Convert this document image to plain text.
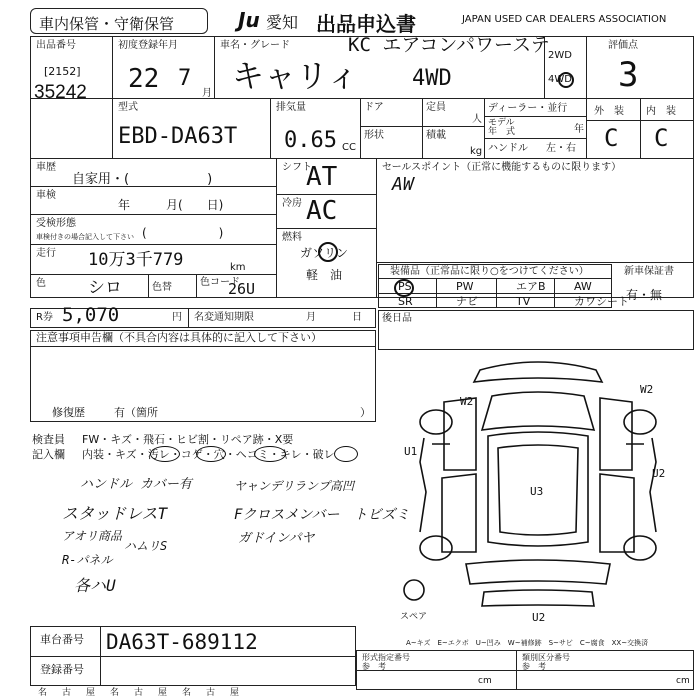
車内保管・守衛保管	Ju 愛知 出品申込書	JAPAN USED CAR DEALERS ASSOCIATION
出品番号
[2152]
35242
初度登録年月
22 7
月
車名・グレード	KC エアコンパワーステ
キャリィ 4WD
2WD
4WD
評価点
3
型式
EBD-DA63T
排気量
0.65 CC
ドア	定員
人
形状	積載
kg
ディーラー・並行
モデル
年　式	年
ハンドル 左・右
外　装 内　装
C C
車歴
自家用・(　　　　　　)
車検
年　　　月(　　日)
受検形態
車検付きの場合記入して下さい (　　　　　　)
走行 10万3千779	km
色 シロ	色替	色コード
26U
シフト
AT
冷房 AC
燃料
ガソリン
軽　油
セールスポイント（正常に機能するものに限ります）
AW
装備品（正常品に限り○をつけてください）
PS	PW	エアB	AW
SR	ナビ	TV	カワシート
新車保証書
有・無
R券 5,070	円 名変通知期限	月	日
注意事項申告欄（不具合内容は具体的に記入して下さい）
修復歴	有（箇所	）
後日品
検査員
記入欄
FW・キズ・飛石・ヒビ割・リペア跡・X要
内装・キズ・汚レ・コゲ・穴・ヘコミ・キレ・破レ
ハンドル カバー有
スタッドレスT
アオリ商品
R-パネル
各ハU
ヤャンデリランプ高凹
Fクロスメンバー　トビズミ
ガドインパヤ
ハムリS
W2
U1
U2
U3
U2
W2
スペア
A~キズ　E~エクボ　U~凹み　W~補修跡　S~サビ　C~腐食　XX~交換済
車台番号 DA63T-689112
登録番号
名 古 屋 名 古 屋 名 古 屋
形式指定番号
参　考
類別区分番号
参　考
cm	cm
